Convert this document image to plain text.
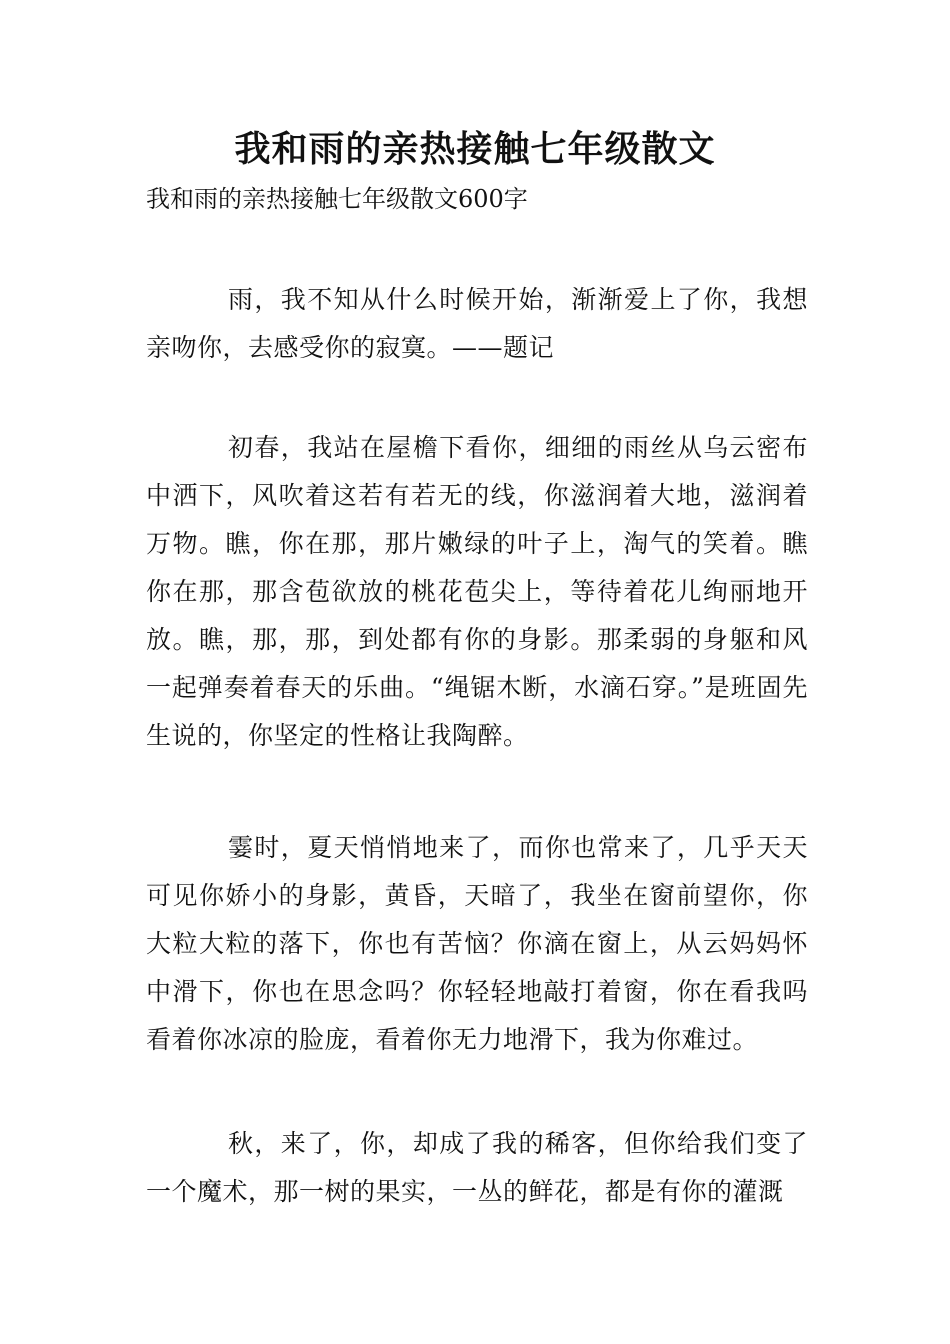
我和雨的亲热接触七年级散文
我和雨的亲热接触七年级散文600字

雨，我不知从什么时候开始，渐渐爱上了你，我想亲吻你，去感受你的寂寞。——题记

初春，我站在屋檐下看你，细细的雨丝从乌云密布中洒下，风吹着这若有若无的线，你滋润着大地，滋润着万物。瞧，你在那，那片嫩绿的叶子上，淘气的笑着。瞧你在那，那含苞欲放的桃花苞尖上，等待着花儿绚丽地开放。瞧，那，那，到处都有你的身影。那柔弱的身躯和风一起弹奏着春天的乐曲。“绳锯木断，水滴石穿。”是班固先生说的，你坚定的性格让我陶醉。

霎时，夏天悄悄地来了，而你也常来了，几乎天天可见你娇小的身影，黄昏，天暗了，我坐在窗前望你，你大粒大粒的落下，你也有苦恼？你滴在窗上，从云妈妈怀中滑下，你也在思念吗？你轻轻地敲打着窗，你在看我吗看着你冰凉的脸庞，看着你无力地滑下，我为你难过。

秋，来了，你，却成了我的稀客，但你给我们变了一个魔术，那一树的果实，一丛的鲜花，都是有你的灌溉
